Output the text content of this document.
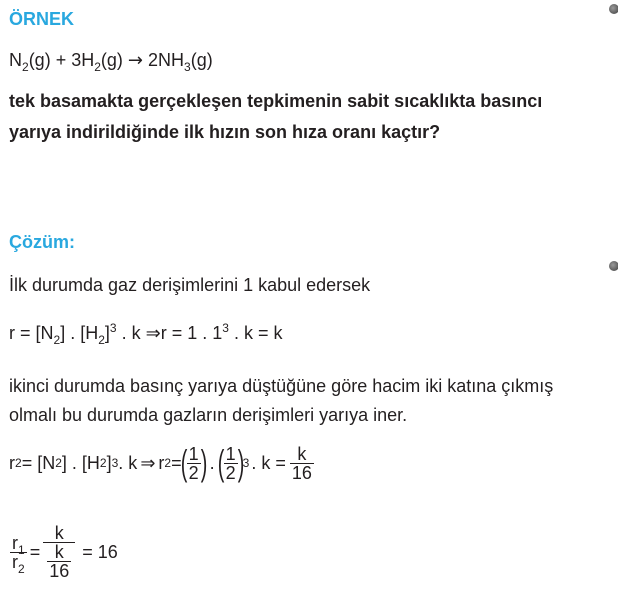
ÖRNEK
$N_2(g) + 3H_2(g) \to 2NH_3(g)$
tek basamakta gerçekleşen tepkimenin sabit sıcaklıkta basıncı
yarıya indirildiğinde ilk hızın son hıza oranı kaçtır?
Çözüm:
İlk durumda gaz derişimlerini 1 kabul edersek
$r = [N_2]$ . $[H_2]^3$ . k ⇒r = 1 . $1^3$ . k = k
ikinci durumda basınç yarıya düştüğüne göre hacim iki katına çıkmış
olmalı bu durumda gazların derişimleri yarıya iner.
r 2 = [N 2 ] . [H 2 ] 3 . k ⇒ r 2 =
( $\frac{1}{2}$ ) . ( $\frac{1}{2}$ )
3 . $k = \frac{k}{16}$
$\frac{r_1}{r_2} = \frac{k}{\frac{k}{16}} = 16$
